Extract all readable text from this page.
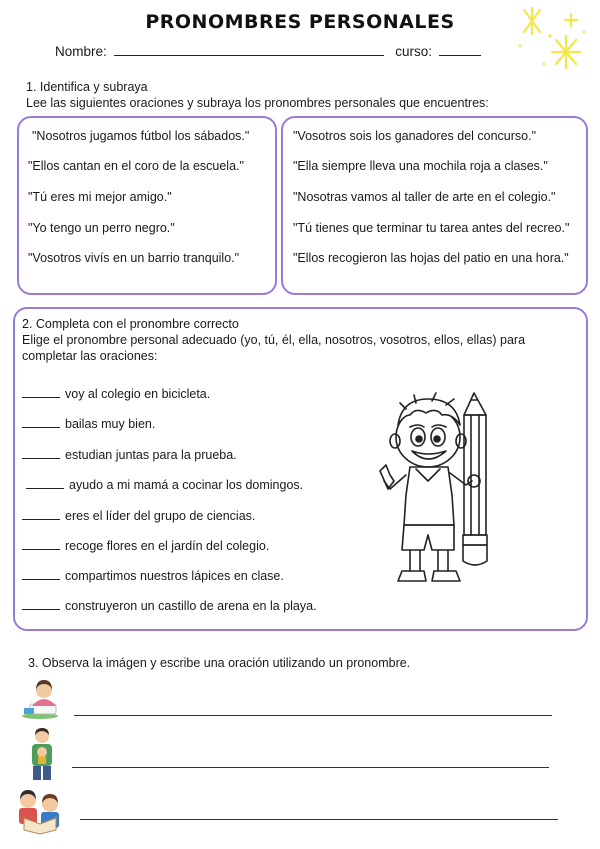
PRONOMBRES PERSONALES
Nombre:	curso:
1. Identifica y subraya
Lee las siguientes oraciones y subraya los pronombres personales que encuentres:
"Nosotros jugamos fútbol los sábados."
"Ellos cantan en el coro de la escuela."
"Tú eres mi mejor amigo."
"Yo tengo un perro negro."
"Vosotros vivís en un barrio tranquilo."
"Vosotros sois los ganadores del concurso."
"Ella siempre lleva una mochila roja a clases."
"Nosotras vamos al taller de arte en el colegio."
"Tú tienes que terminar tu tarea antes del recreo."
"Ellos recogieron las hojas del patio en una hora."
2. Completa con el pronombre correcto
Elige el pronombre personal adecuado (yo, tú, él, ella, nosotros, vosotros, ellos, ellas) para
completar las oraciones:
voy al colegio en bicicleta.
bailas muy bien.
estudian juntas para la prueba.
ayudo a mi mamá a cocinar los domingos.
eres el líder del grupo de ciencias.
recoge flores en el jardín del colegio.
compartimos nuestros lápices en clase.
construyeron un castillo de arena en la playa.
3. Observa la imágen y escribe una oración utilizando un pronombre.
